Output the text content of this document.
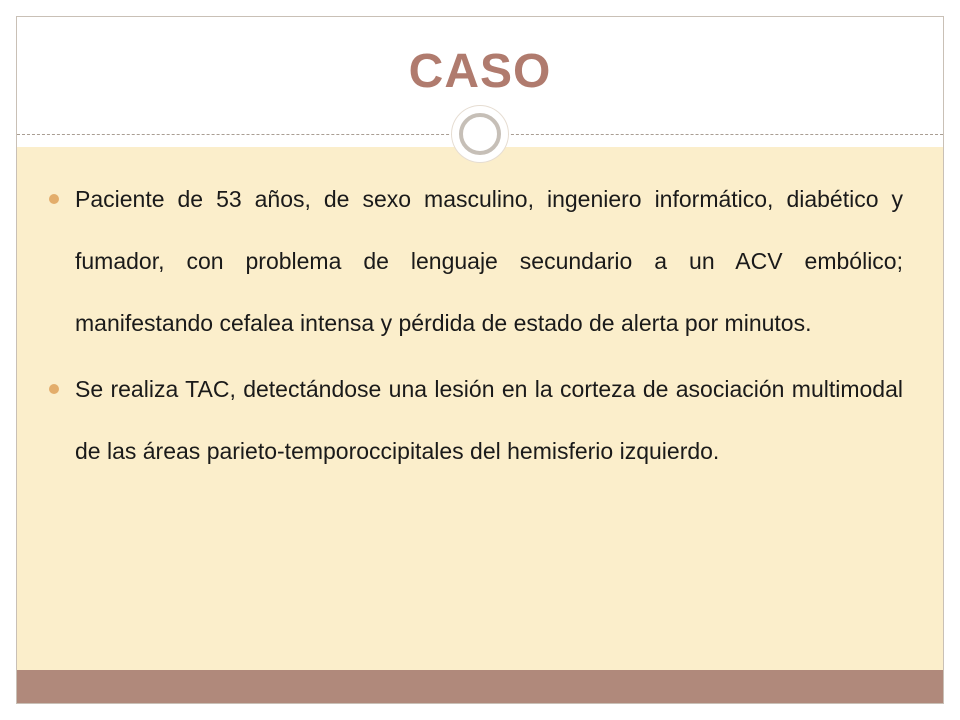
CASO
Paciente de 53 años, de sexo masculino, ingeniero informático, diabético y fumador, con problema de lenguaje secundario a un ACV embólico; manifestando cefalea intensa y pérdida de estado de alerta por minutos.
Se realiza TAC, detectándose una lesión en la corteza de asociación multimodal de las áreas parieto-temporoccipitales del hemisferio izquierdo.
